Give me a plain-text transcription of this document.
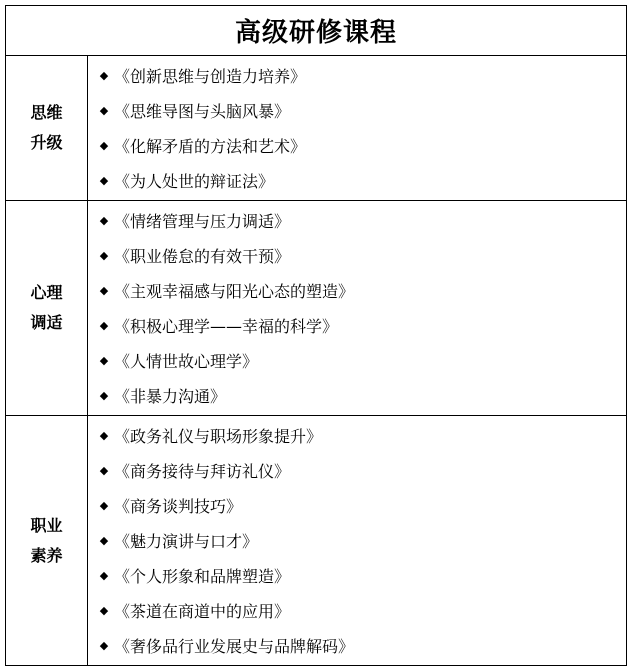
高级研修课程
思维
升级
◆ 《创新思维与创造力培养》
◆ 《思维导图与头脑风暴》
◆ 《化解矛盾的方法和艺术》
◆ 《为人处世的辩证法》
心理
调适
◆ 《情绪管理与压力调适》
◆ 《职业倦怠的有效干预》
◆ 《主观幸福感与阳光心态的塑造》
◆ 《积极心理学——幸福的科学》
◆ 《人情世故心理学》
◆ 《非暴力沟通》
职业
素养
◆ 《政务礼仪与职场形象提升》
◆ 《商务接待与拜访礼仪》
◆ 《商务谈判技巧》
◆ 《魅力演讲与口才》
◆ 《个人形象和品牌塑造》
◆ 《茶道在商道中的应用》
◆ 《奢侈品行业发展史与品牌解码》
